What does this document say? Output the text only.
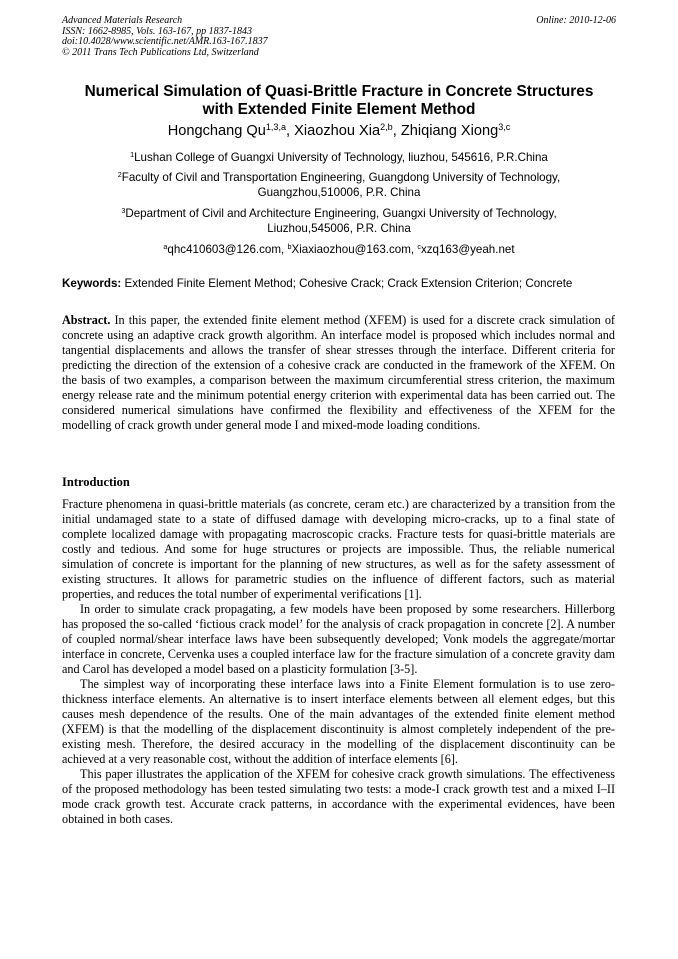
Advanced Materials Research
ISSN: 1662-8985, Vols. 163-167, pp 1837-1843
doi:10.4028/www.scientific.net/AMR.163-167.1837
© 2011 Trans Tech Publications Ltd, Switzerland
Online: 2010-12-06
Numerical Simulation of Quasi-Brittle Fracture in Concrete Structures
with Extended Finite Element Method
Hongchang Qu$^{1,3,a}$, Xiaozhou Xia$^{2,b}$, Zhiqiang Xiong$^{3,c}$
$^1$Lushan College of Guangxi University of Technology, liuzhou, 545616, P.R.China
$^2$Faculty of Civil and Transportation Engineering, Guangdong University of Technology,
Guangzhou,510006, P.R. China
$^3$Department of Civil and Architecture Engineering, Guangxi University of Technology,
Liuzhou,545006, P.R. China
$^a$qhc410603@126.com, $^b$Xiaxiaozhou@163.com, $^c$xzq163@yeah.net
Keywords: Extended Finite Element Method; Cohesive Crack; Crack Extension Criterion; Concrete
Abstract. In this paper, the extended finite element method (XFEM) is used for a discrete crack simulation of concrete using an adaptive crack growth algorithm. An interface model is proposed which includes normal and tangential displacements and allows the transfer of shear stresses through the interface. Different criteria for predicting the direction of the extension of a cohesive crack are conducted in the framework of the XFEM. On the basis of two examples, a comparison between the maximum circumferential stress criterion, the maximum energy release rate and the minimum potential energy criterion with experimental data has been carried out. The considered numerical simulations have confirmed the flexibility and effectiveness of the XFEM for the modelling of crack growth under general mode I and mixed-mode loading conditions.
Introduction

Fracture phenomena in quasi-brittle materials (as concrete, ceram etc.) are characterized by a transition from the initial undamaged state to a state of diffused damage with developing micro-cracks, up to a final state of complete localized damage with propagating macroscopic cracks. Fracture tests for quasi-brittle materials are costly and tedious. And some for huge structures or projects are impossible. Thus, the reliable numerical simulation of concrete is important for the planning of new structures, as well as for the safety assessment of existing structures. It allows for parametric studies on the influence of different factors, such as material properties, and reduces the total number of experimental verifications [1].

In order to simulate crack propagating, a few models have been proposed by some researchers. Hillerborg has proposed the so-called ‘fictious crack model’ for the analysis of crack propagation in concrete [2]. A number of coupled normal/shear interface laws have been subsequently developed; Vonk models the aggregate/mortar interface in concrete, Cervenka uses a coupled interface law for the fracture simulation of a concrete gravity dam and Carol has developed a model based on a plasticity formulation [3-5].

The simplest way of incorporating these interface laws into a Finite Element formulation is to use zero-thickness interface elements. An alternative is to insert interface elements between all element edges, but this causes mesh dependence of the results. One of the main advantages of the extended finite element method (XFEM) is that the modelling of the displacement discontinuity is almost completely independent of the pre-existing mesh. Therefore, the desired accuracy in the modelling of the displacement discontinuity can be achieved at a very reasonable cost, without the addition of interface elements [6].

This paper illustrates the application of the XFEM for cohesive crack growth simulations. The effectiveness of the proposed methodology has been tested simulating two tests: a mode-I crack growth test and a mixed I–II mode crack growth test. Accurate crack patterns, in accordance with the experimental evidences, have been obtained in both cases.
